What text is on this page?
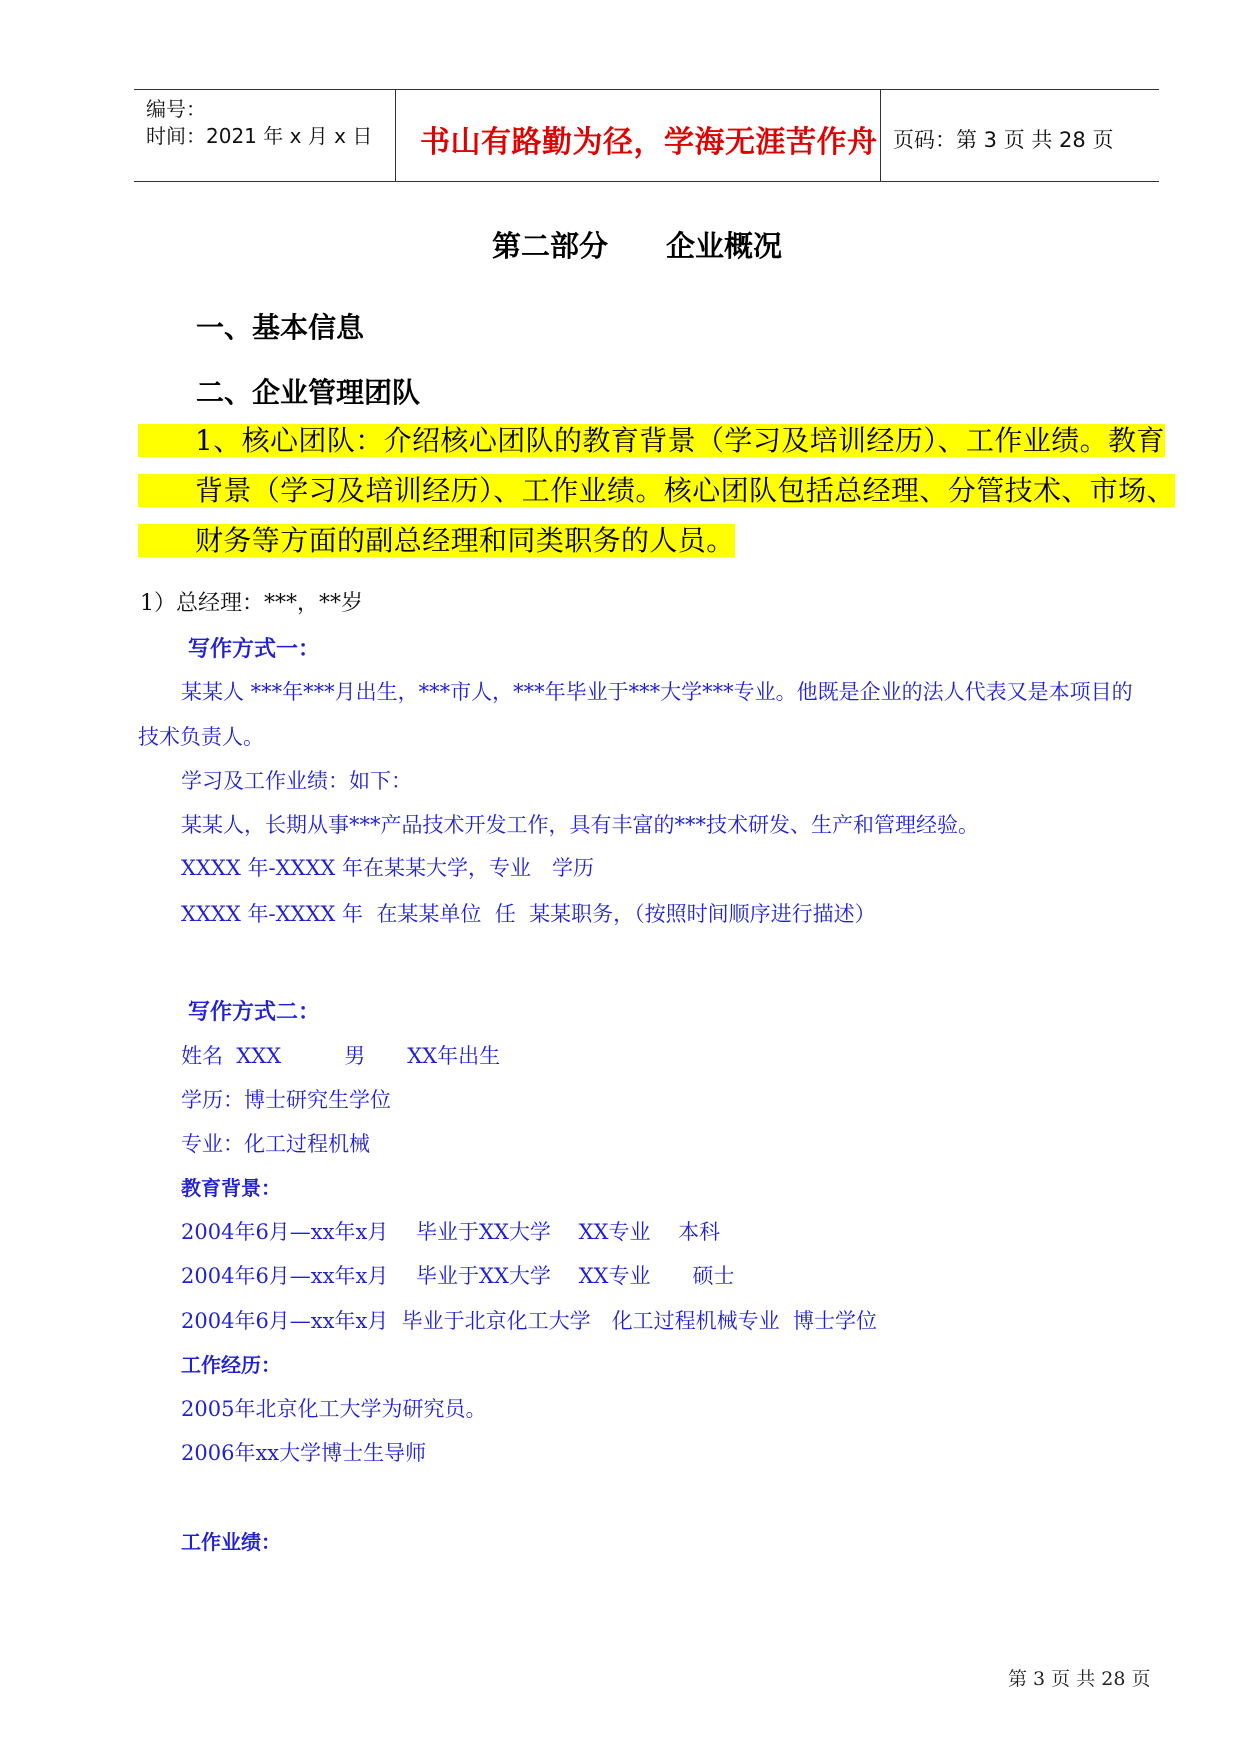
编号：
时间：2021 年 x 月 x 日 书山有路勤为径，学海无涯苦作舟 页码：第 3 页 共 28 页
第二部分　　企业概况
一、基本信息
二、企业管理团队
1、核心团队：介绍核心团队的教育背景（学习及培训经历）、工作业绩。教育背景（学习及培训经历）、工作业绩。核心团队包括总经理、分管技术、市场、财务等方面的副总经理和同类职务的人员。
1）总经理：***，**岁
写作方式一：
某某人 ***年***月出生，***市人，***年毕业于***大学***专业。他既是企业的法人代表又是本项目的
技术负责人。
学习及工作业绩：如下：
某某人，长期从事***产品技术开发工作，具有丰富的***技术研发、生产和管理经验。
XXXX 年-XXXX 年在某某大学，专业　学历
XXXX 年-XXXX 年  在某某单位  任  某某职务，（按照时间顺序进行描述）
写作方式二：
姓名  XXX　　　男　　XX年出生
学历：博士研究生学位
专业：化工过程机械
教育背景：
2004年6月—xx年x月　 毕业于XX大学　 XX专业　 本科
2004年6月—xx年x月　 毕业于XX大学　 XX专业　　硕士
2004年6月—xx年x月  毕业于北京化工大学　化工过程机械专业  博士学位
工作经历：
2005年北京化工大学为研究员。
2006年xx大学博士生导师
工作业绩：
第 3 页 共 28 页
